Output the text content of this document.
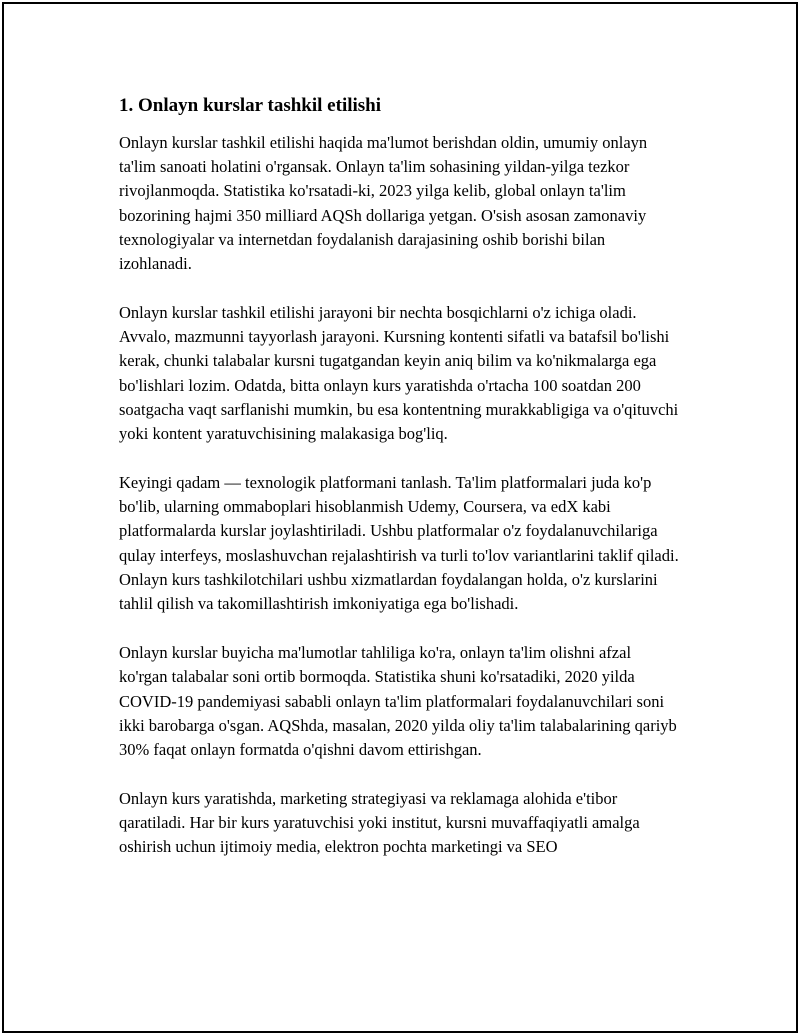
1. Onlayn kurslar tashkil etilishi

Onlayn kurslar tashkil etilishi haqida ma'lumot berishdan oldin, umumiy onlayn ta'lim sanoati holatini o'rgansak. Onlayn ta'lim sohasining yildan-yilga tezkor rivojlanmoqda. Statistika ko'rsatadi-ki, 2023 yilga kelib, global onlayn ta'lim bozorining hajmi 350 milliard AQSh dollariga yetgan. O'sish asosan zamonaviy texnologiyalar va internetdan foydalanish darajasining oshib borishi bilan izohlanadi.

Onlayn kurslar tashkil etilishi jarayoni bir nechta bosqichlarni o'z ichiga oladi. Avvalo, mazmunni tayyorlash jarayoni. Kursning kontenti sifatli va batafsil bo'lishi kerak, chunki talabalar kursni tugatgandan keyin aniq bilim va ko'nikmalarga ega bo'lishlari lozim. Odatda, bitta onlayn kurs yaratishda o'rtacha 100 soatdan 200 soatgacha vaqt sarflanishi mumkin, bu esa kontentning murakkabligiga va o'qituvchi yoki kontent yaratuvchisining malakasiga bog'liq.

Keyingi qadam — texnologik platformani tanlash. Ta'lim platformalari juda ko'p bo'lib, ularning ommaboplari hisoblanmish Udemy, Coursera, va edX kabi platformalarda kurslar joylashtiriladi. Ushbu platformalar o'z foydalanuvchilariga qulay interfeys, moslashuvchan rejalashtirish va turli to'lov variantlarini taklif qiladi. Onlayn kurs tashkilotchilari ushbu xizmatlardan foydalangan holda, o'z kurslarini tahlil qilish va takomillashtirish imkoniyatiga ega bo'lishadi.

Onlayn kurslar buyicha ma'lumotlar tahliliga ko'ra, onlayn ta'lim olishni afzal ko'rgan talabalar soni ortib bormoqda. Statistika shuni ko'rsatadiki, 2020 yilda COVID-19 pandemiyasi sababli onlayn ta'lim platformalari foydalanuvchilari soni ikki barobarga o'sgan. AQShda, masalan, 2020 yilda oliy ta'lim talabalarining qariyb 30% faqat onlayn formatda o'qishni davom ettirishgan.

Onlayn kurs yaratishda, marketing strategiyasi va reklamaga alohida e'tibor qaratiladi. Har bir kurs yaratuvchisi yoki institut, kursni muvaffaqiyatli amalga oshirish uchun ijtimoiy media, elektron pochta marketingi va SEO
